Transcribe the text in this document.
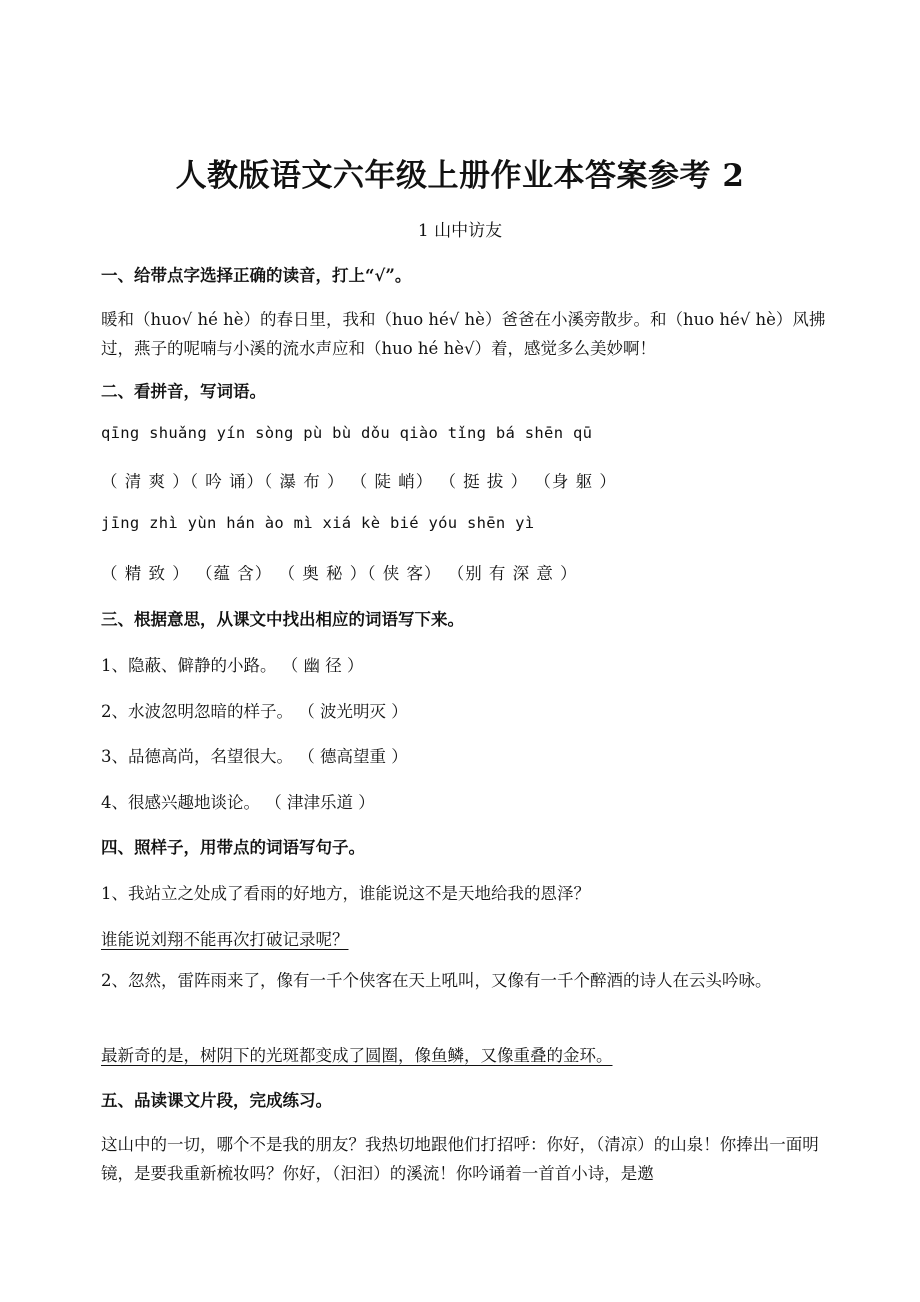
人教版语文六年级上册作业本答案参考 2
1 山中访友
一、给带点字选择正确的读音，打上“√”。
暖和（huo√ hé hè）的春日里，我和（huo hé√ hè）爸爸在小溪旁散步。和（huo hé√ hè）风拂过，燕子的呢喃与小溪的流水声应和（huo hé hè√）着，感觉多么美妙啊！
二、看拼音，写词语。
qīng shuǎng yín sòng pù bù dǒu qiào tǐng bá shēn qū
（ 清 爽 ）（ 吟 诵）（ 瀑 布 ） （ 陡 峭） （ 挺 拔 ） （身 躯 ）
jīng zhì yùn hán ào mì xiá kè bié yóu shēn yì
（ 精 致 ） （蕴 含） （ 奥 秘 ）（ 侠 客） （别 有 深 意 ）
三、根据意思，从课文中找出相应的词语写下来。
1、隐蔽、僻静的小路。 （ 幽 径 ）
2、水波忽明忽暗的样子。 （ 波光明灭 ）
3、品德高尚，名望很大。 （ 德高望重 ）
4、很感兴趣地谈论。 （ 津津乐道 ）
四、照样子，用带点的词语写句子。
1、我站立之处成了看雨的好地方，谁能说这不是天地给我的恩泽？
谁能说刘翔不能再次打破记录呢？
2、忽然，雷阵雨来了，像有一千个侠客在天上吼叫，又像有一千个醉酒的诗人在云头吟咏。
最新奇的是，树阴下的光斑都变成了圆圈，像鱼鳞，又像重叠的金环。
五、品读课文片段，完成练习。
这山中的一切，哪个不是我的朋友？我热切地跟他们打招呼：你好，（清凉）的山泉！你捧出一面明镜，是要我重新梳妆吗？你好，（汩汩）的溪流！你吟诵着一首首小诗，是邀
